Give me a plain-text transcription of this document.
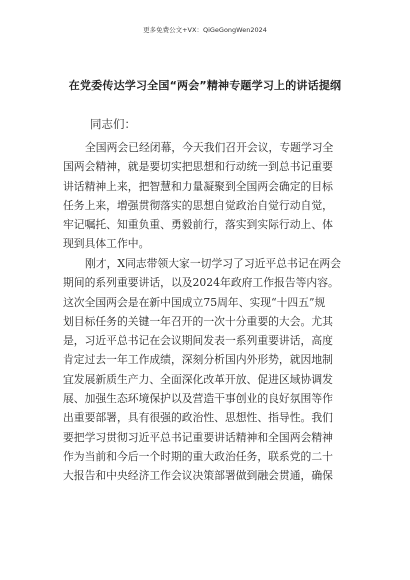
更多免费公文+VX：QiGeGongWen2024
在党委传达学习全国“两会”精神专题学习上的讲话提纲
同志们：
全国两会已经闭幕，今天我们召开会议，专题学习全
国两会精神，就是要切实把思想和行动统一到总书记重要
讲话精神上来，把智慧和力量凝聚到全国两会确定的目标
任务上来，增强贯彻落实的思想自觉政治自觉行动自觉，
牢记嘱托、知重负重、勇毅前行，落实到实际行动上、体
现到具体工作中。
刚才，X同志带领大家一切学习了习近平总书记在两会
期间的系列重要讲话，以及2024年政府工作报告等内容。
这次全国两会是在新中国成立75周年、实现“十四五”规
划目标任务的关键一年召开的一次十分重要的大会。尤其
是，习近平总书记在会议期间发表一系列重要讲话，高度
肯定过去一年工作成绩，深刻分析国内外形势，就因地制
宜发展新质生产力、全面深化改革开放、促进区域协调发
展、加强生态环境保护以及营造干事创业的良好氛围等作
出重要部署，具有很强的政治性、思想性、指导性。我们
要把学习贯彻习近平总书记重要讲话精神和全国两会精神
作为当前和今后一个时期的重大政治任务，联系党的二十
大报告和中央经济工作会议决策部署做到融会贯通，确保
